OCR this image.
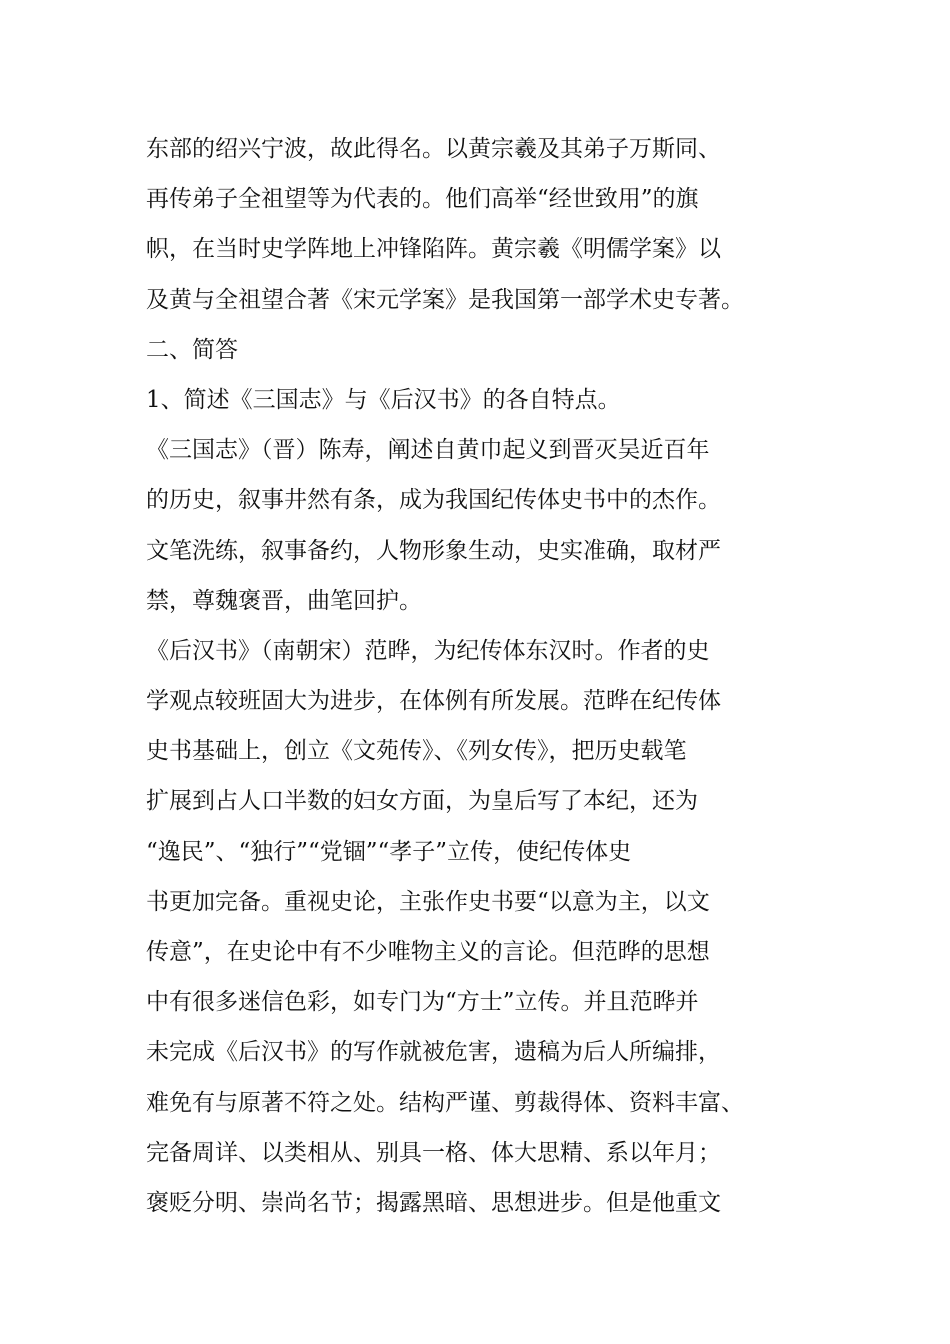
东部的绍兴宁波，故此得名。以黄宗羲及其弟子万斯同、
再传弟子全祖望等为代表的。他们高举“经世致用”的旗
帜，在当时史学阵地上冲锋陷阵。黄宗羲《明儒学案》以
及黄与全祖望合著《宋元学案》是我国第一部学术史专著。
二、简答
1、简述《三国志》与《后汉书》的各自特点。
《三国志》（晋）陈寿，阐述自黄巾起义到晋灭吴近百年
的历史，叙事井然有条，成为我国纪传体史书中的杰作。
文笔洗练，叙事备约，人物形象生动，史实准确，取材严
禁，尊魏褒晋，曲笔回护。
《后汉书》（南朝宋）范晔，为纪传体东汉时。作者的史
学观点较班固大为进步，在体例有所发展。范晔在纪传体
史书基础上，创立《文苑传》、《列女传》，把历史载笔
扩展到占人口半数的妇女方面，为皇后写了本纪，还为
“逸民”、“独行”“党锢”“孝子”立传，使纪传体史
书更加完备。重视史论，主张作史书要“以意为主，以文
传意”，在史论中有不少唯物主义的言论。但范晔的思想
中有很多迷信色彩，如专门为“方士”立传。并且范晔并
未完成《后汉书》的写作就被危害，遗稿为后人所编排，
难免有与原著不符之处。结构严谨、剪裁得体、资料丰富、
完备周详、以类相从、别具一格、体大思精、系以年月；
褒贬分明、崇尚名节；揭露黑暗、思想进步。但是他重文
